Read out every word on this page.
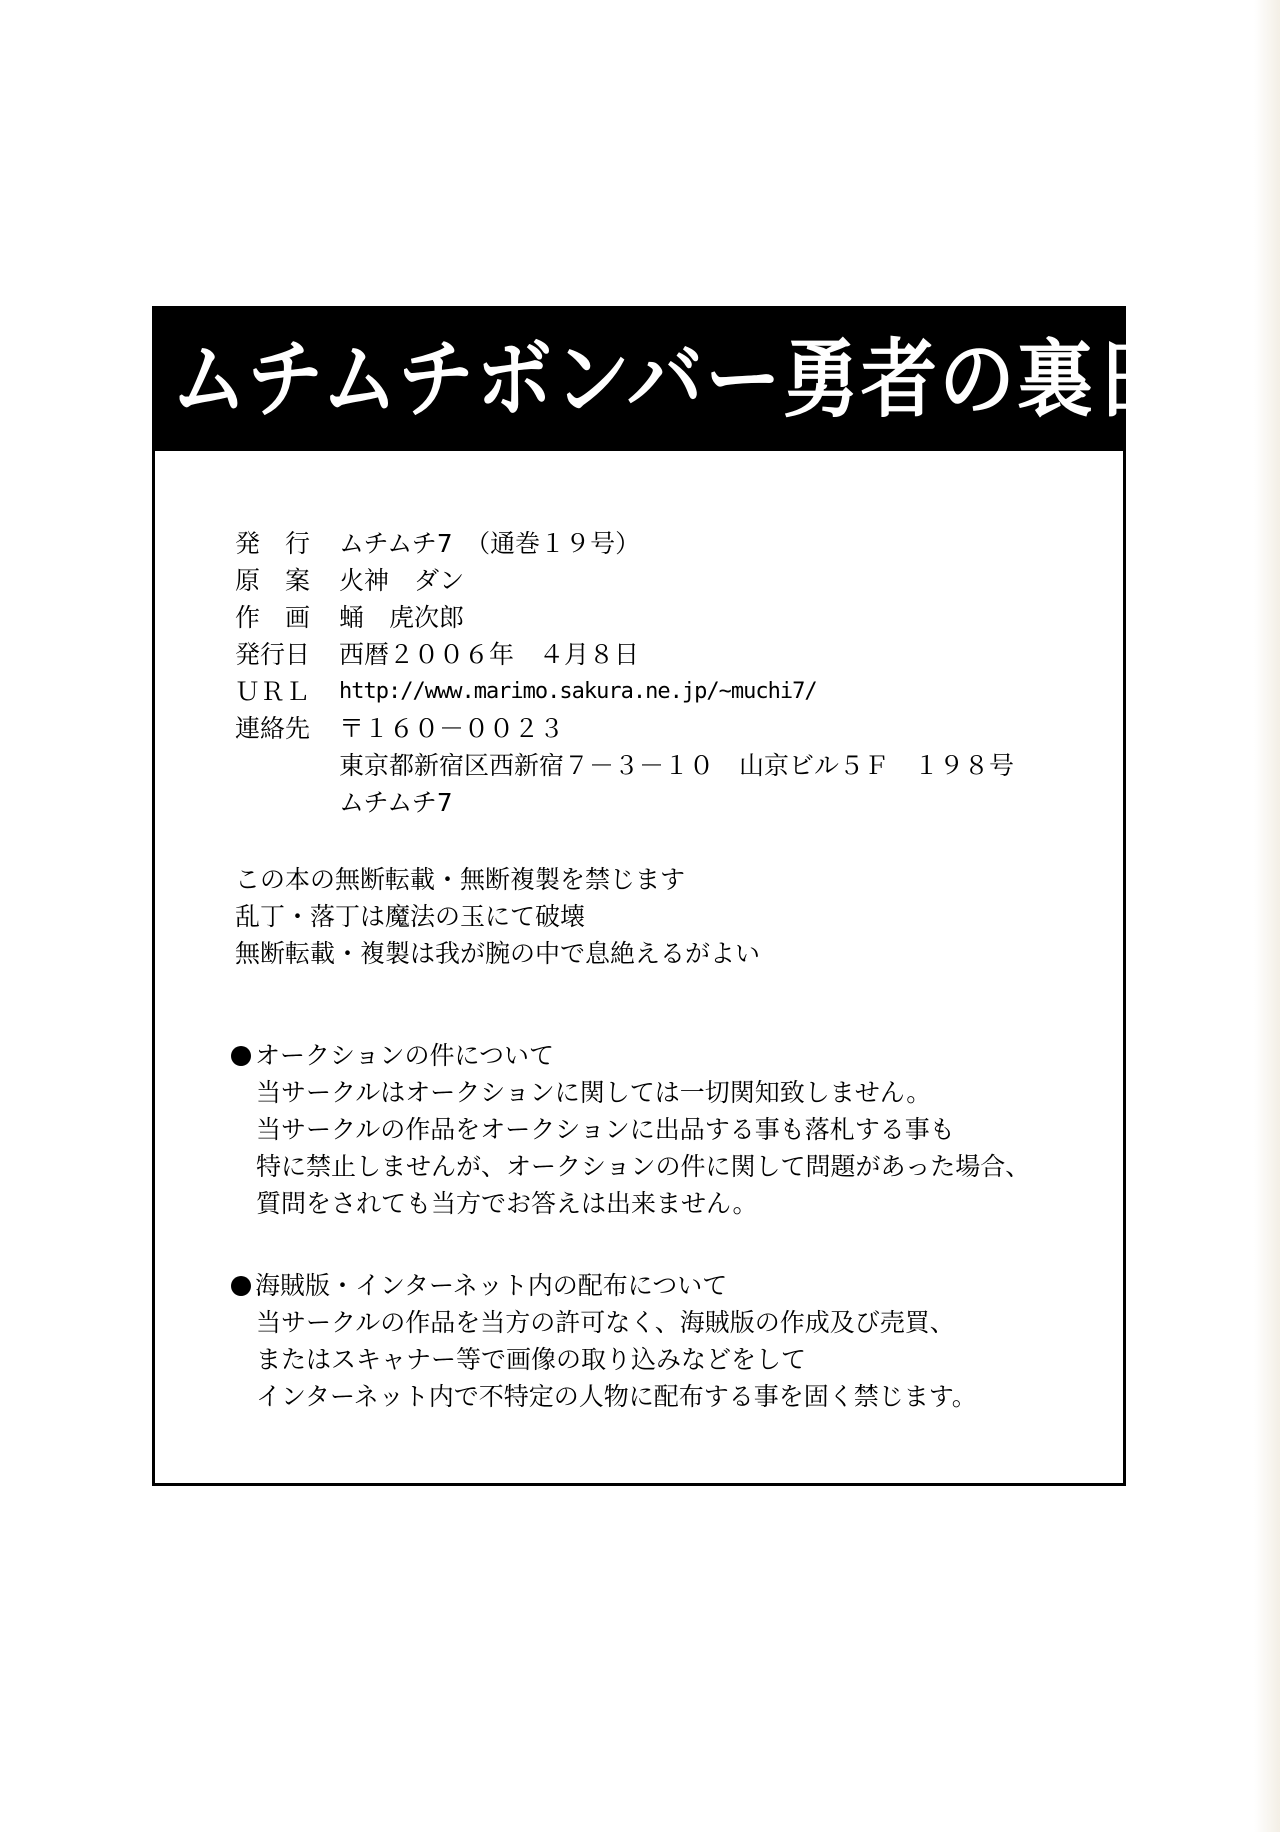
ムチムチボンバー 勇者の裏日記
発　行	ムチムチ7　（通巻１９号）
原　案	火神　ダン
作　画	蛹　虎次郎
発行日	西暦２００６年　４月８日
ＵＲＬ	http://www.marimo.sakura.ne.jp/~muchi7/
連絡先	〒１６０－００２３
東京都新宿区西新宿７－３－１０　山京ビル５Ｆ　１９８号
ムチムチ7
この本の無断転載・無断複製を禁じます
乱丁・落丁は魔法の玉にて破壊
無断転載・複製は我が腕の中で息絶えるがよい
オークションの件について
当サークルはオークションに関しては一切関知致しません。
当サークルの作品をオークションに出品する事も落札する事も
特に禁止しませんが、オークションの件に関して問題があった場合、
質問をされても当方でお答えは出来ません。
海賊版・インターネット内の配布について
当サークルの作品を当方の許可なく、海賊版の作成及び売買、
またはスキャナー等で画像の取り込みなどをして
インターネット内で不特定の人物に配布する事を固く禁じます。
